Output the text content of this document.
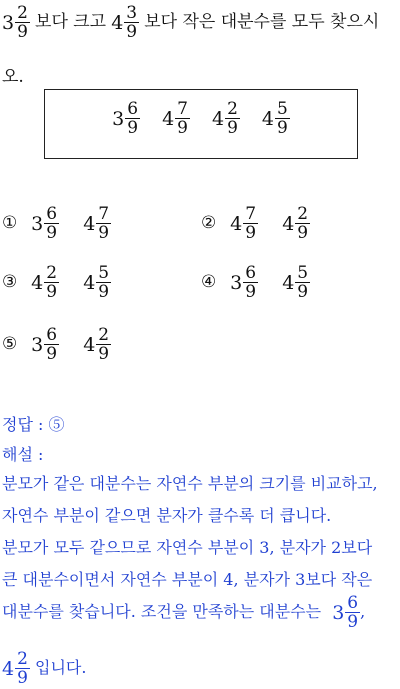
$3 \frac{2}{9}$ 보다 크고 $4 \frac{3}{9}$ 보다 작은 대분수를 모두 찾으시
오.
$3 \frac{6}{9} 4 \frac{7}{9} 4 \frac{2}{9} 4 \frac{5}{9}$
① $3 \frac{6}{9}$
$4 \frac{7}{9}$	② $4 \frac{7}{9}$
$4 \frac{2}{9}$
③ $4 \frac{2}{9}$
$4 \frac{5}{9}$	④ $3 \frac{6}{9}$
$4 \frac{5}{9}$
⑤ $3 \frac{6}{9}$
$4 \frac{2}{9}$
정답 : ⑤
해설 :
분모가 같은 대분수는 자연수 부분의 크기를 비교하고,
자연수 부분이 같으면 분자가 클수록 더 큽니다.
분모가 모두 같으므로 자연수 부분이 3, 분자가 2보다
큰 대분수이면서 자연수 부분이 4, 분자가 3보다 작은
대분수를 찾습니다. 조건을 만족하는 대분수는 $3 \frac{6}{9}$ ,
$4 \frac{2}{9}$ 입니다.
